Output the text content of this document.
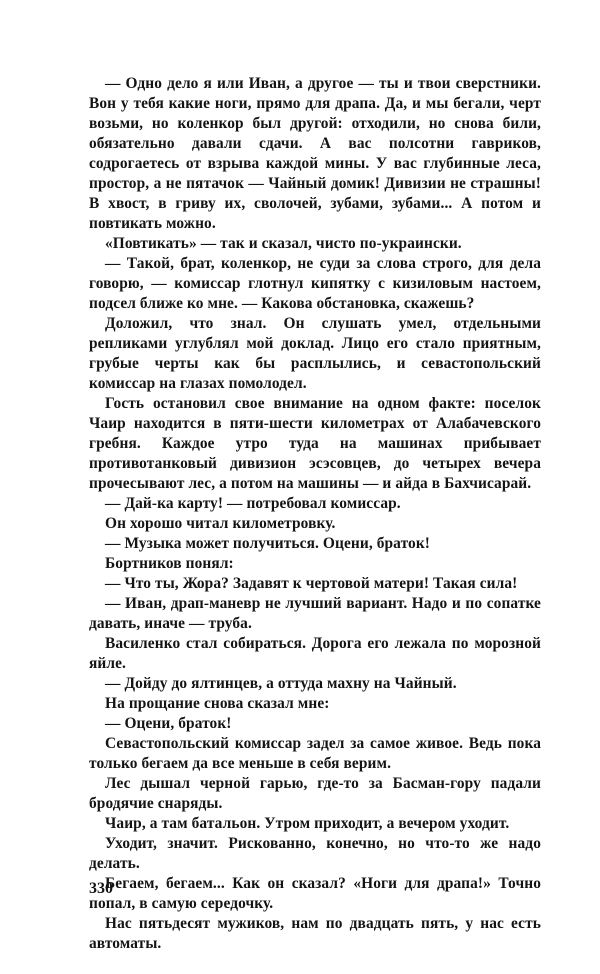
— Одно дело я или Иван, а другое — ты и твои сверстники. Вон у тебя какие ноги, прямо для драпа. Да, и мы бегали, черт возьми, но коленкор был другой: отходили, но снова били, обязательно давали сдачи. А вас полсотни гавриков, содрогаетесь от взрыва каждой мины. У вас глубинные леса, простор, а не пятачок — Чайный домик! Дивизии не страшны! В хвост, в гриву их, сволочей, зубами, зубами... А потом и повтикать можно.

«Повтикать» — так и сказал, чисто по-украински.

— Такой, брат, коленкор, не суди за слова строго, для дела говорю, — комиссар глотнул кипятку с кизиловым настоем, подсел ближе ко мне. — Какова обстановка, скажешь?

Доложил, что знал. Он слушать умел, отдельными репликами углублял мой доклад. Лицо его стало приятным, грубые черты как бы расплылись, и севастопольский комиссар на глазах помолодел.

Гость остановил свое внимание на одном факте: поселок Чаир находится в пяти-шести километрах от Алабачевского гребня. Каждое утро туда на машинах прибывает противотанковый дивизион эсэсовцев, до четырех вечера прочесывают лес, а потом на машины — и айда в Бахчисарай.

— Дай-ка карту! — потребовал комиссар.

Он хорошо читал километровку.

— Музыка может получиться. Оцени, браток!

Бортников понял:

— Что ты, Жора? Задавят к чертовой матери! Такая сила!

— Иван, драп-маневр не лучший вариант. Надо и по сопатке давать, иначе — труба.

Василенко стал собираться. Дорога его лежала по морозной яйле.

— Дойду до ялтинцев, а оттуда махну на Чайный.

На прощание снова сказал мне:

— Оцени, браток!

Севастопольский комиссар задел за самое живое. Ведь пока только бегаем да все меньше в себя верим.

Лес дышал черной гарью, где-то за Басман-гору падали бродячие снаряды.

Чаир, а там батальон. Утром приходит, а вечером уходит.

Уходит, значит. Рискованно, конечно, но что-то же надо делать.

Бегаем, бегаем... Как он сказал? «Ноги для драпа!» Точно попал, в самую середочку.

Нас пятьдесят мужиков, нам по двадцать пять, у нас есть автоматы.

330
